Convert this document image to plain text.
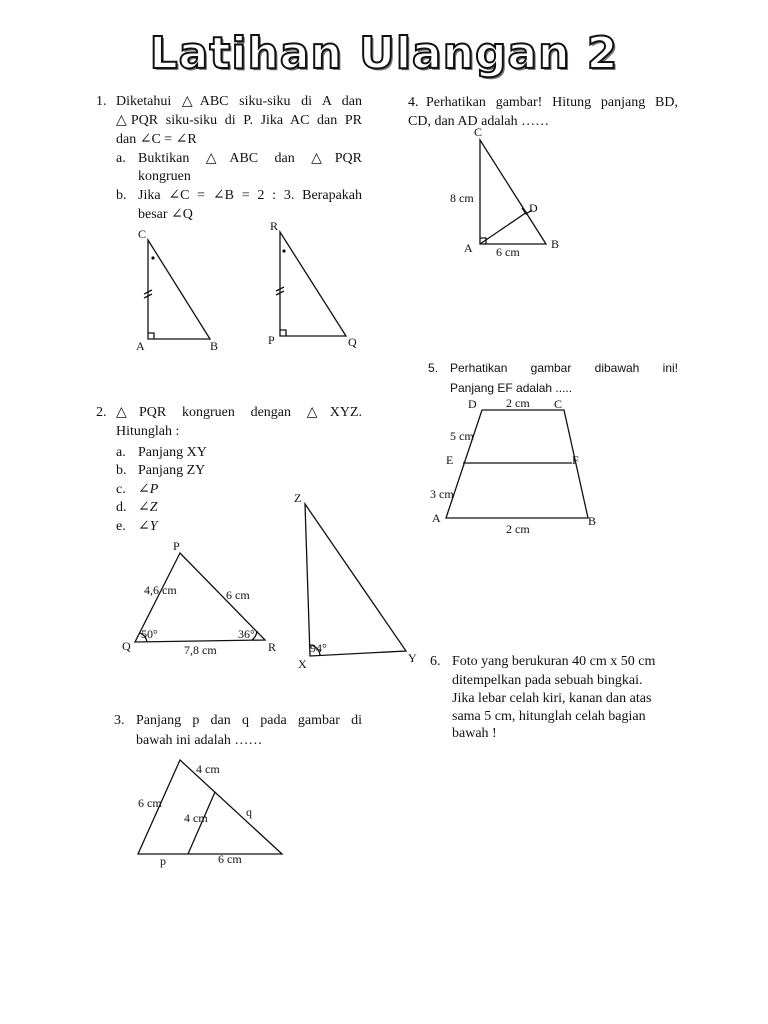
Latihan Ulangan 2
1. Diketahui △ABC siku-siku di A dan
△PQR siku-siku di P. Jika AC dan PR
dan ∠C = ∠R
a. Buktikan △ABC dan △PQR
kongruen
b. Jika ∠C = ∠B = 2 : 3. Berapakah
besar ∠Q
C
A	B
R
P	Q
2. △PQR kongruen dengan △XYZ.
Hitunglah :
a. Panjang XY
b. Panjang ZY
c. ∠P
d. ∠Z
e. ∠Y
P
Q	R
4,6 cm	6 cm
7,8 cm
50°	36°
Z
X	Y
94°
3. Panjang p dan q pada gambar di
bawah ini adalah ……
4 cm
6 cm
4 cm	q
p	6 cm
4. Perhatikan gambar! Hitung panjang BD,
CD, dan AD adalah ……
C
A	B
D
8 cm
6 cm
5. Perhatikan gambar dibawah ini!
Panjang EF adalah .....
D	C
2 cm
5 cm
E	F
3 cm
A	B
2 cm
6. Foto yang berukuran 40 cm x 50 cm
ditempelkan pada sebuah bingkai.
Jika lebar celah kiri, kanan dan atas
sama 5 cm, hitunglah celah bagian
bawah !
